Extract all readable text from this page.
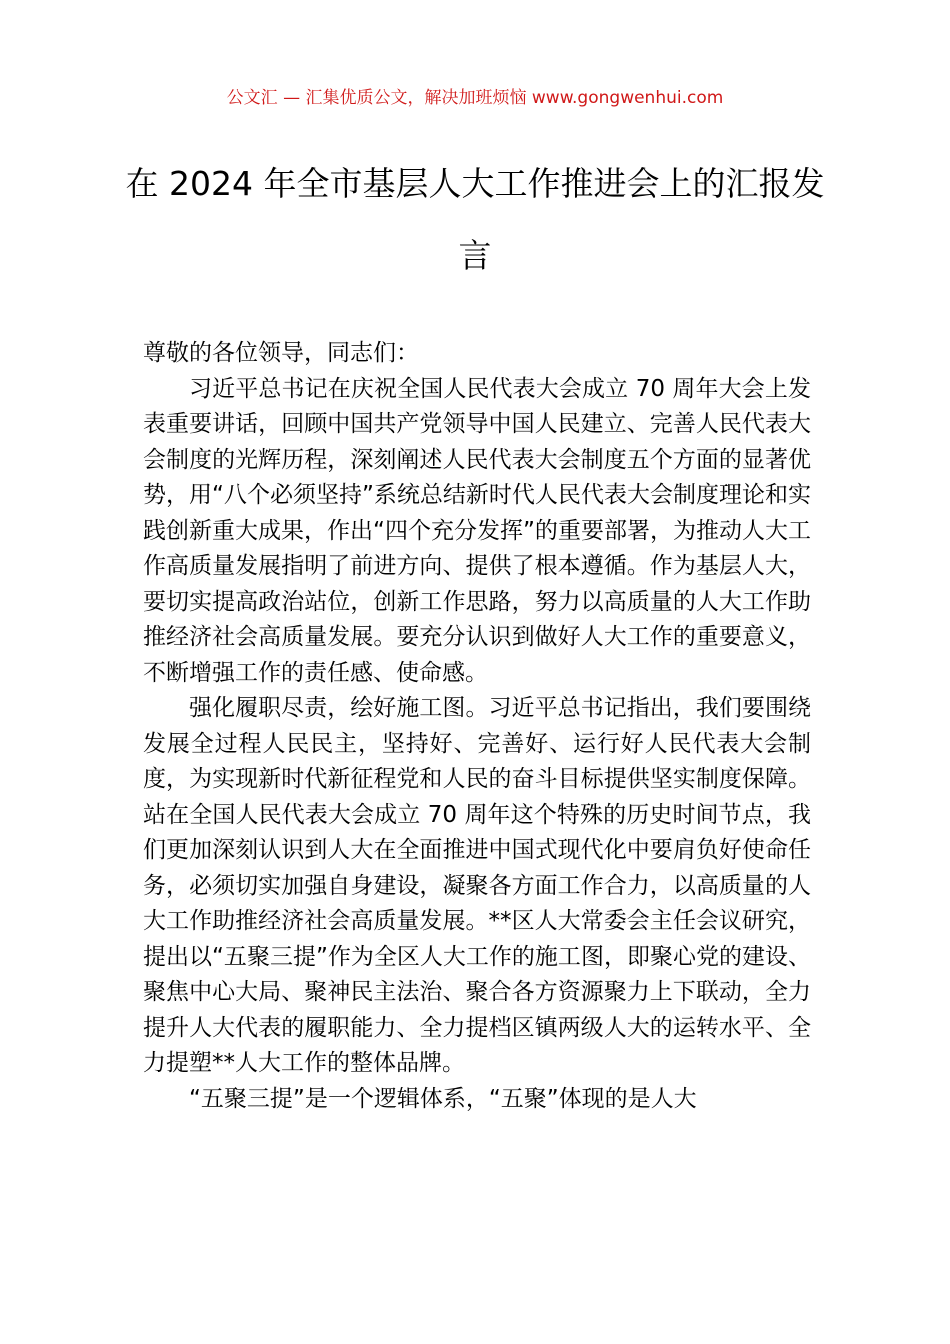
公文汇 — 汇集优质公文，解决加班烦恼 www.gongwenhui.com
在 2024 年全市基层人大工作推进会上的汇报发言

尊敬的各位领导，同志们：

习近平总书记在庆祝全国人民代表大会成立 70 周年大会上发表重要讲话，回顾中国共产党领导中国人民建立、完善人民代表大会制度的光辉历程，深刻阐述人民代表大会制度五个方面的显著优势，用“八个必须坚持”系统总结新时代人民代表大会制度理论和实践创新重大成果，作出“四个充分发挥”的重要部署，为推动人大工作高质量发展指明了前进方向、提供了根本遵循。作为基层人大，要切实提高政治站位，创新工作思路，努力以高质量的人大工作助推经济社会高质量发展。要充分认识到做好人大工作的重要意义，不断增强工作的责任感、使命感。

强化履职尽责，绘好施工图。习近平总书记指出，我们要围绕发展全过程人民民主，坚持好、完善好、运行好人民代表大会制度，为实现新时代新征程党和人民的奋斗目标提供坚实制度保障。站在全国人民代表大会成立 70 周年这个特殊的历史时间节点，我们更加深刻认识到人大在全面推进中国式现代化中要肩负好使命任务，必须切实加强自身建设，凝聚各方面工作合力，以高质量的人大工作助推经济社会高质量发展。**区人大常委会主任会议研究，提出以“五聚三提”作为全区人大工作的施工图，即聚心党的建设、聚焦中心大局、聚神民主法治、聚合各方资源聚力上下联动，全力提升人大代表的履职能力、全力提档区镇两级人大的运转水平、全力提塑**人大工作的整体品牌。

“五聚三提”是一个逻辑体系，“五聚”体现的是人大
